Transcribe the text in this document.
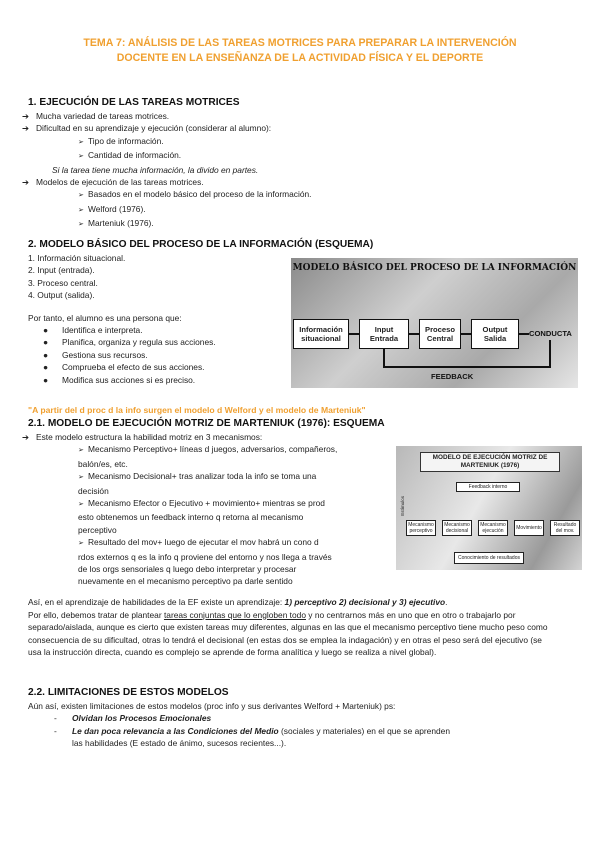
TEMA 7: ANÁLISIS DE LAS TAREAS MOTRICES PARA PREPARAR LA INTERVENCIÓN DOCENTE EN LA ENSEÑANZA DE LA ACTIVIDAD FÍSICA Y EL DEPORTE
1. EJECUCIÓN DE LAS TAREAS MOTRICES
➔ Mucha variedad de tareas motrices.
➔ Dificultad en su aprendizaje y ejecución (considerar al alumno):
➢ Tipo de información.
➢ Cantidad de información.
Si la tarea tiene mucha información, la divido en partes.
➔ Modelos de ejecución de las tareas motrices.
➢ Basados en el modelo básico del proceso de la información.
➢ Welford (1976).
➢ Marteniuk (1976).
2. MODELO BÁSICO DEL PROCESO DE LA INFORMACIÓN (ESQUEMA)
1. Información situacional.
2. Input (entrada).
3. Proceso central.
4. Output (salida).
Por tanto, el alumno es una persona que:
● Identifica e interpreta.
● Planifica, organiza y regula sus acciones.
● Gestiona sus recursos.
● Comprueba el efecto de sus acciones.
● Modifica sus acciones si es preciso.
MODELO BÁSICO DEL PROCESO DE LA INFORMACIÓN
Información situacional
Input Entrada
Proceso Central
Output Salida
CONDUCTA
FEEDBACK
"A partir del d proc d la info surgen el modelo d Welford y el modelo de Marteniuk"
2.1. MODELO DE EJECUCIÓN MOTRIZ DE MARTENIUK (1976): ESQUEMA
➔ Este modelo estructura la habilidad motriz en 3 mecanismos:
➢ Mecanismo Perceptivo+ líneas d juegos, adversarios, compañeros,
balón/es, etc.
➢ Mecanismo Decisional+ tras analizar toda la info se toma una
decisión
➢ Mecanismo Efector o Ejecutivo + movimiento+ mientras se prod
esto obtenemos un feedback interno q retorna al mecanismo
perceptivo
➢ Resultado del mov+ luego de ejecutar el mov habrá un cono d
rdos externos q es la info q proviene del entorno y nos llega a través
de los orgs sensoriales q luego debo interpretar y procesar
nuevamente en el mecanismo perceptivo pa darle sentido
MODELO DE EJECUCIÓN MOTRIZ DE MARTENIUK (1976)
Feedback interno
Estímulos
Mecanismo perceptivo
Mecanismo decisional
Mecanismo ejecución	Movimiento	Resultado del mov.
Conocimiento de resultados
Así, en el aprendizaje de habilidades de la EF existe un aprendizaje: 1) perceptivo 2) decisional y 3) ejecutivo.
Por ello, debemos tratar de plantear tareas conjuntas que lo engloben todo y no centrarnos más en uno que en otro o trabajarlo por separado/aislada, aunque es cierto que existen tareas muy diferentes, algunas en las que el mecanismo perceptivo tiene mucho peso como consecuencia de su dificultad, otras lo tendrá el decisional (en estas dos se emplea la indagación) y en otras el peso será del ejecutivo (se usa la instrucción directa, cuando es complejo se aprende de forma analítica y luego se realiza a nivel global).
2.2. LIMITACIONES DE ESTOS MODELOS
Aún así, existen limitaciones de estos modelos (proc info y sus derivantes Welford + Marteniuk) ps:
- Olvidan los Procesos Emocionales
- Le dan poca relevancia a las Condiciones del Medio (sociales y materiales) en el que se aprenden
las habilidades (E estado de ánimo, sucesos recientes...).
